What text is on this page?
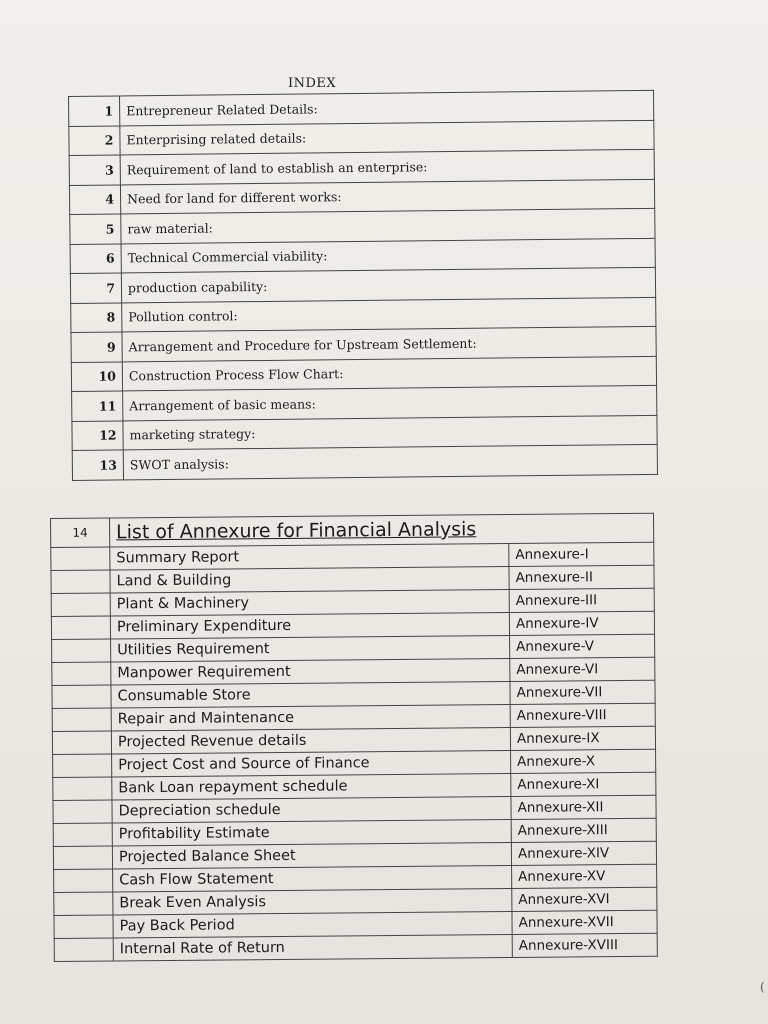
INDEX
1	Entrepreneur Related Details:
2	Enterprising related details:
3	Requirement of land to establish an enterprise:
4	Need for land for different works:
5	raw material:
6	Technical Commercial viability:
7	production capability:
8	Pollution control:
9	Arrangement and Procedure for Upstream Settlement:
10	Construction Process Flow Chart:
11	Arrangement of basic means:
12	marketing strategy:
13	SWOT analysis:
14	List of Annexure for Financial Analysis	
	Summary Report	Annexure-I
	Land & Building	Annexure-II
	Plant & Machinery	Annexure-III
	Preliminary Expenditure	Annexure-IV
	Utilities Requirement	Annexure-V
	Manpower Requirement	Annexure-VI
	Consumable Store	Annexure-VII
	Repair and Maintenance	Annexure-VIII
	Projected Revenue details	Annexure-IX
	Project Cost and Source of Finance	Annexure-X
	Bank Loan repayment schedule	Annexure-XI
	Depreciation schedule	Annexure-XII
	Profitability Estimate	Annexure-XIII
	Projected Balance Sheet	Annexure-XIV
	Cash Flow Statement	Annexure-XV
	Break Even Analysis	Annexure-XVI
	Pay Back Period	Annexure-XVII
	Internal Rate of Return	Annexure-XVIII
(
